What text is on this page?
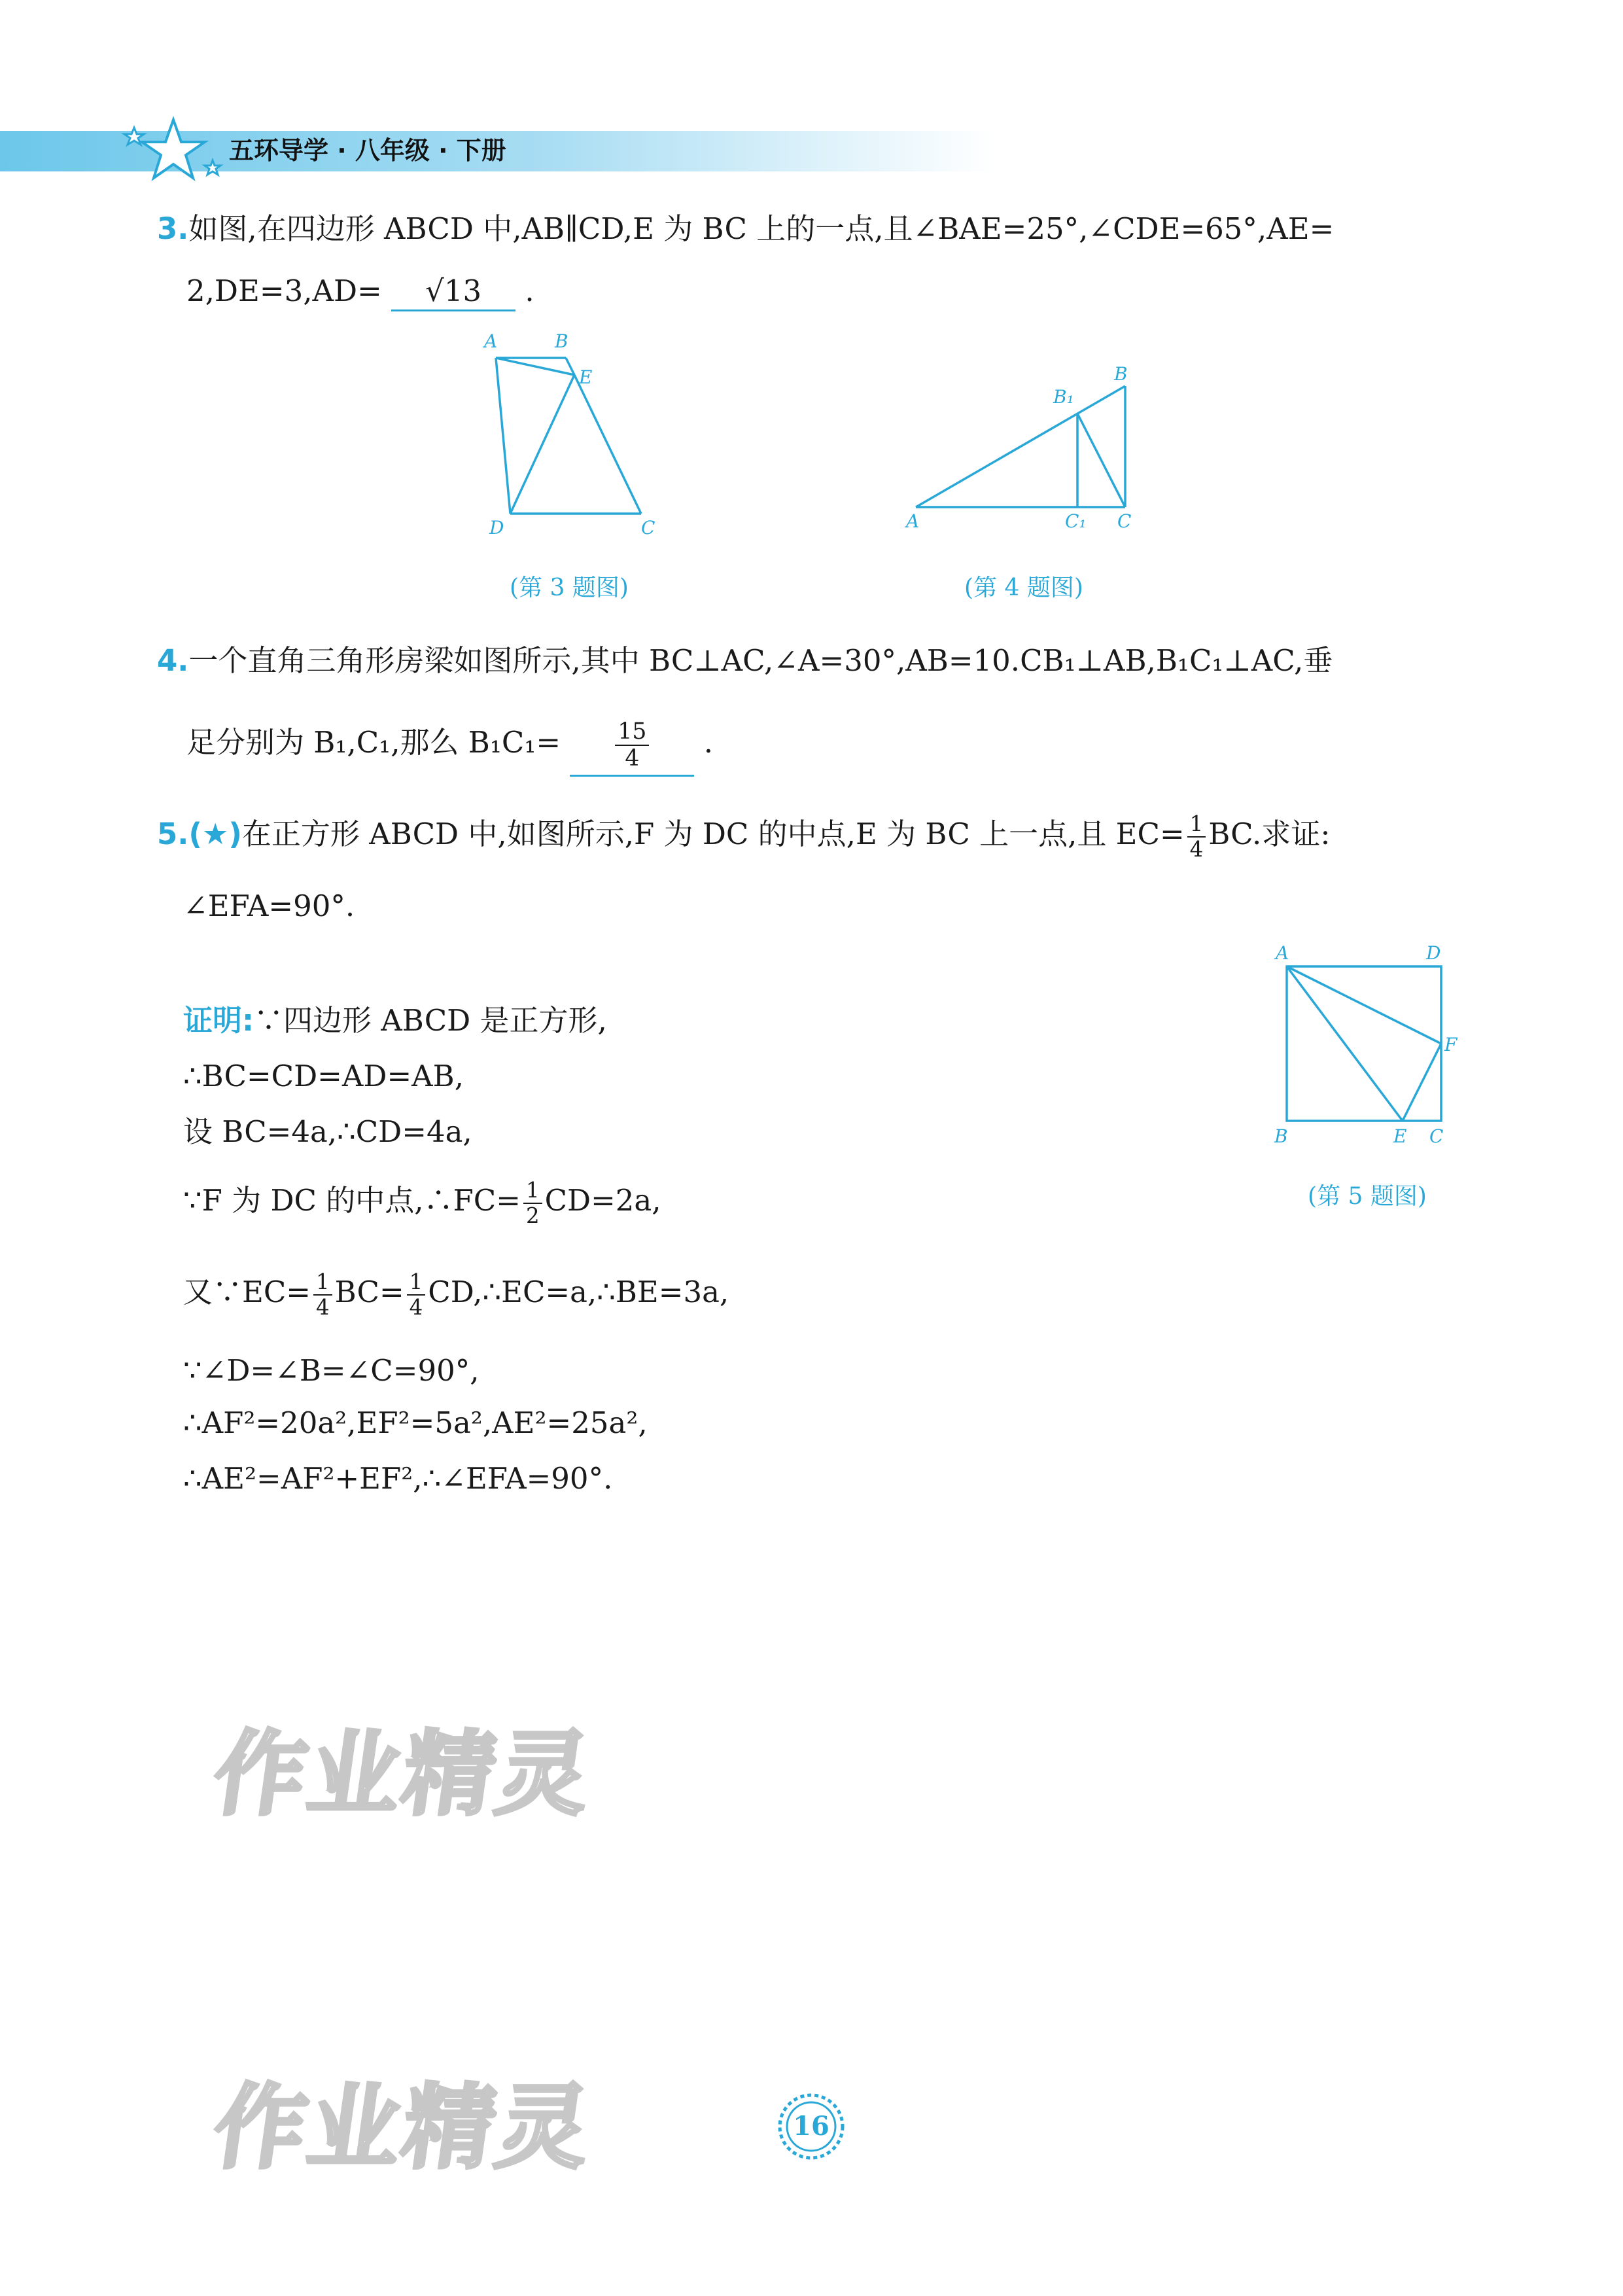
五环导学 · 八年级 · 下册
3.如图,在四边形 ABCD 中,AB∥CD,E 为 BC 上的一点,且∠BAE=25°,∠CDE=65°,AE=
2,DE=3,AD= √13 .
A	B
E
D	C
(第 3 题图)
A
B
B₁
C₁ C
(第 4 题图)
4.一个直角三角形房梁如图所示,其中 BC⊥AC,∠A=30°,AB=10.CB₁⊥AB,B₁C₁⊥AC,垂
足分别为 B₁,C₁,那么 $B_1C_1= \frac{15}{4}$ .
5.(★)在正方形 ABCD 中,如图所示,F 为 DC 的中点,E 为 BC 上一点,且 $EC= \frac{1}{4}$ BC.求证:
∠EFA=90°.
A	D
F
B	E C
(第 5 题图)
证明:∵四边形 ABCD 是正方形,
∴BC=CD=AD=AB,
设 BC=4a,∴CD=4a,
∵F 为 DC 的中点,∴FC= $\frac{1}{2} CD=2a$,
又∵EC= $\frac{1}{4} BC= \frac{1}{4}$ CD,∴EC=a,∴BE=3a,
∵∠D=∠B=∠C=90°,
∴AF²=20a²,EF²=5a²,AE²=25a²,
∴AE²=AF²+EF²,∴∠EFA=90°.
作业精灵
作业精灵	16
